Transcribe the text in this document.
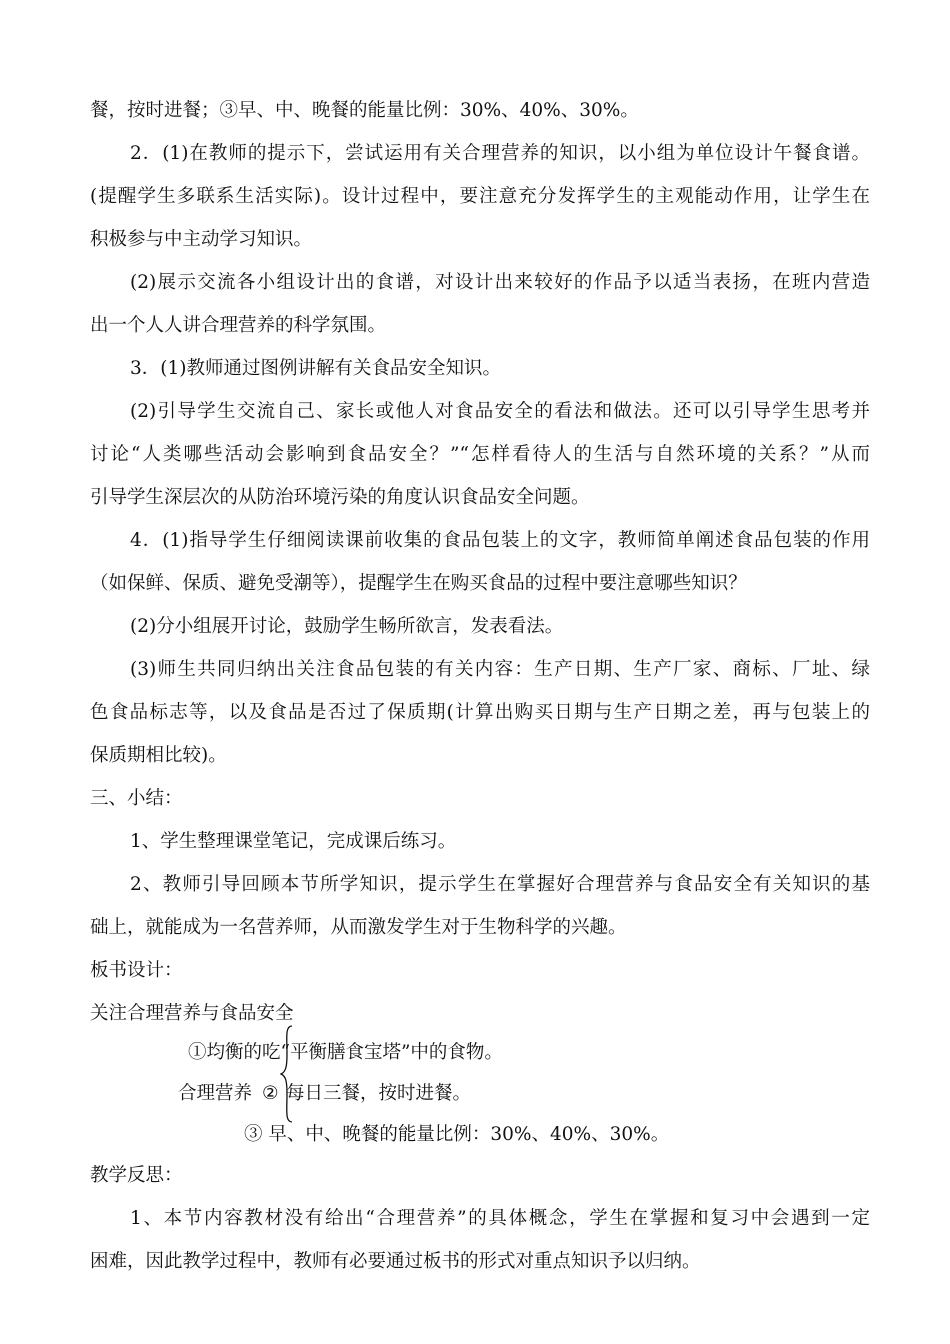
餐，按时进餐；③早、中、晚餐的能量比例：30%、40%、30%。
2．(1)在教师的提示下，尝试运用有关合理营养的知识，以小组为单位设计午餐食谱。
(提醒学生多联系生活实际)。设计过程中，要注意充分发挥学生的主观能动作用，让学生在
积极参与中主动学习知识。
(2)展示交流各小组设计出的食谱，对设计出来较好的作品予以适当表扬，在班内营造
出一个人人讲合理营养的科学氛围。
3．(1)教师通过图例讲解有关食品安全知识。
(2)引导学生交流自己、家长或他人对食品安全的看法和做法。还可以引导学生思考并
讨论“人类哪些活动会影响到食品安全？”“怎样看待人的生活与自然环境的关系？”从而
引导学生深层次的从防治环境污染的角度认识食品安全问题。
4．(1)指导学生仔细阅读课前收集的食品包装上的文字，教师简单阐述食品包装的作用
（如保鲜、保质、避免受潮等），提醒学生在购买食品的过程中要注意哪些知识？
(2)分小组展开讨论，鼓励学生畅所欲言，发表看法。
(3)师生共同归纳出关注食品包装的有关内容：生产日期、生产厂家、商标、厂址、绿
色食品标志等，以及食品是否过了保质期(计算出购买日期与生产日期之差，再与包装上的
保质期相比较)。
三、小结：
1、学生整理课堂笔记，完成课后练习。
2、教师引导回顾本节所学知识，提示学生在掌握好合理营养与食品安全有关知识的基
础上，就能成为一名营养师，从而激发学生对于生物科学的兴趣。
板书设计：
关注合理营养与食品安全
①均衡的吃“平衡膳食宝塔”中的食物。
合理营养 ② 每日三餐，按时进餐。
③ 早、中、晚餐的能量比例：30%、40%、30%。
教学反思：
1、本节内容教材没有给出“合理营养”的具体概念，学生在掌握和复习中会遇到一定
困难，因此教学过程中，教师有必要通过板书的形式对重点知识予以归纳。
